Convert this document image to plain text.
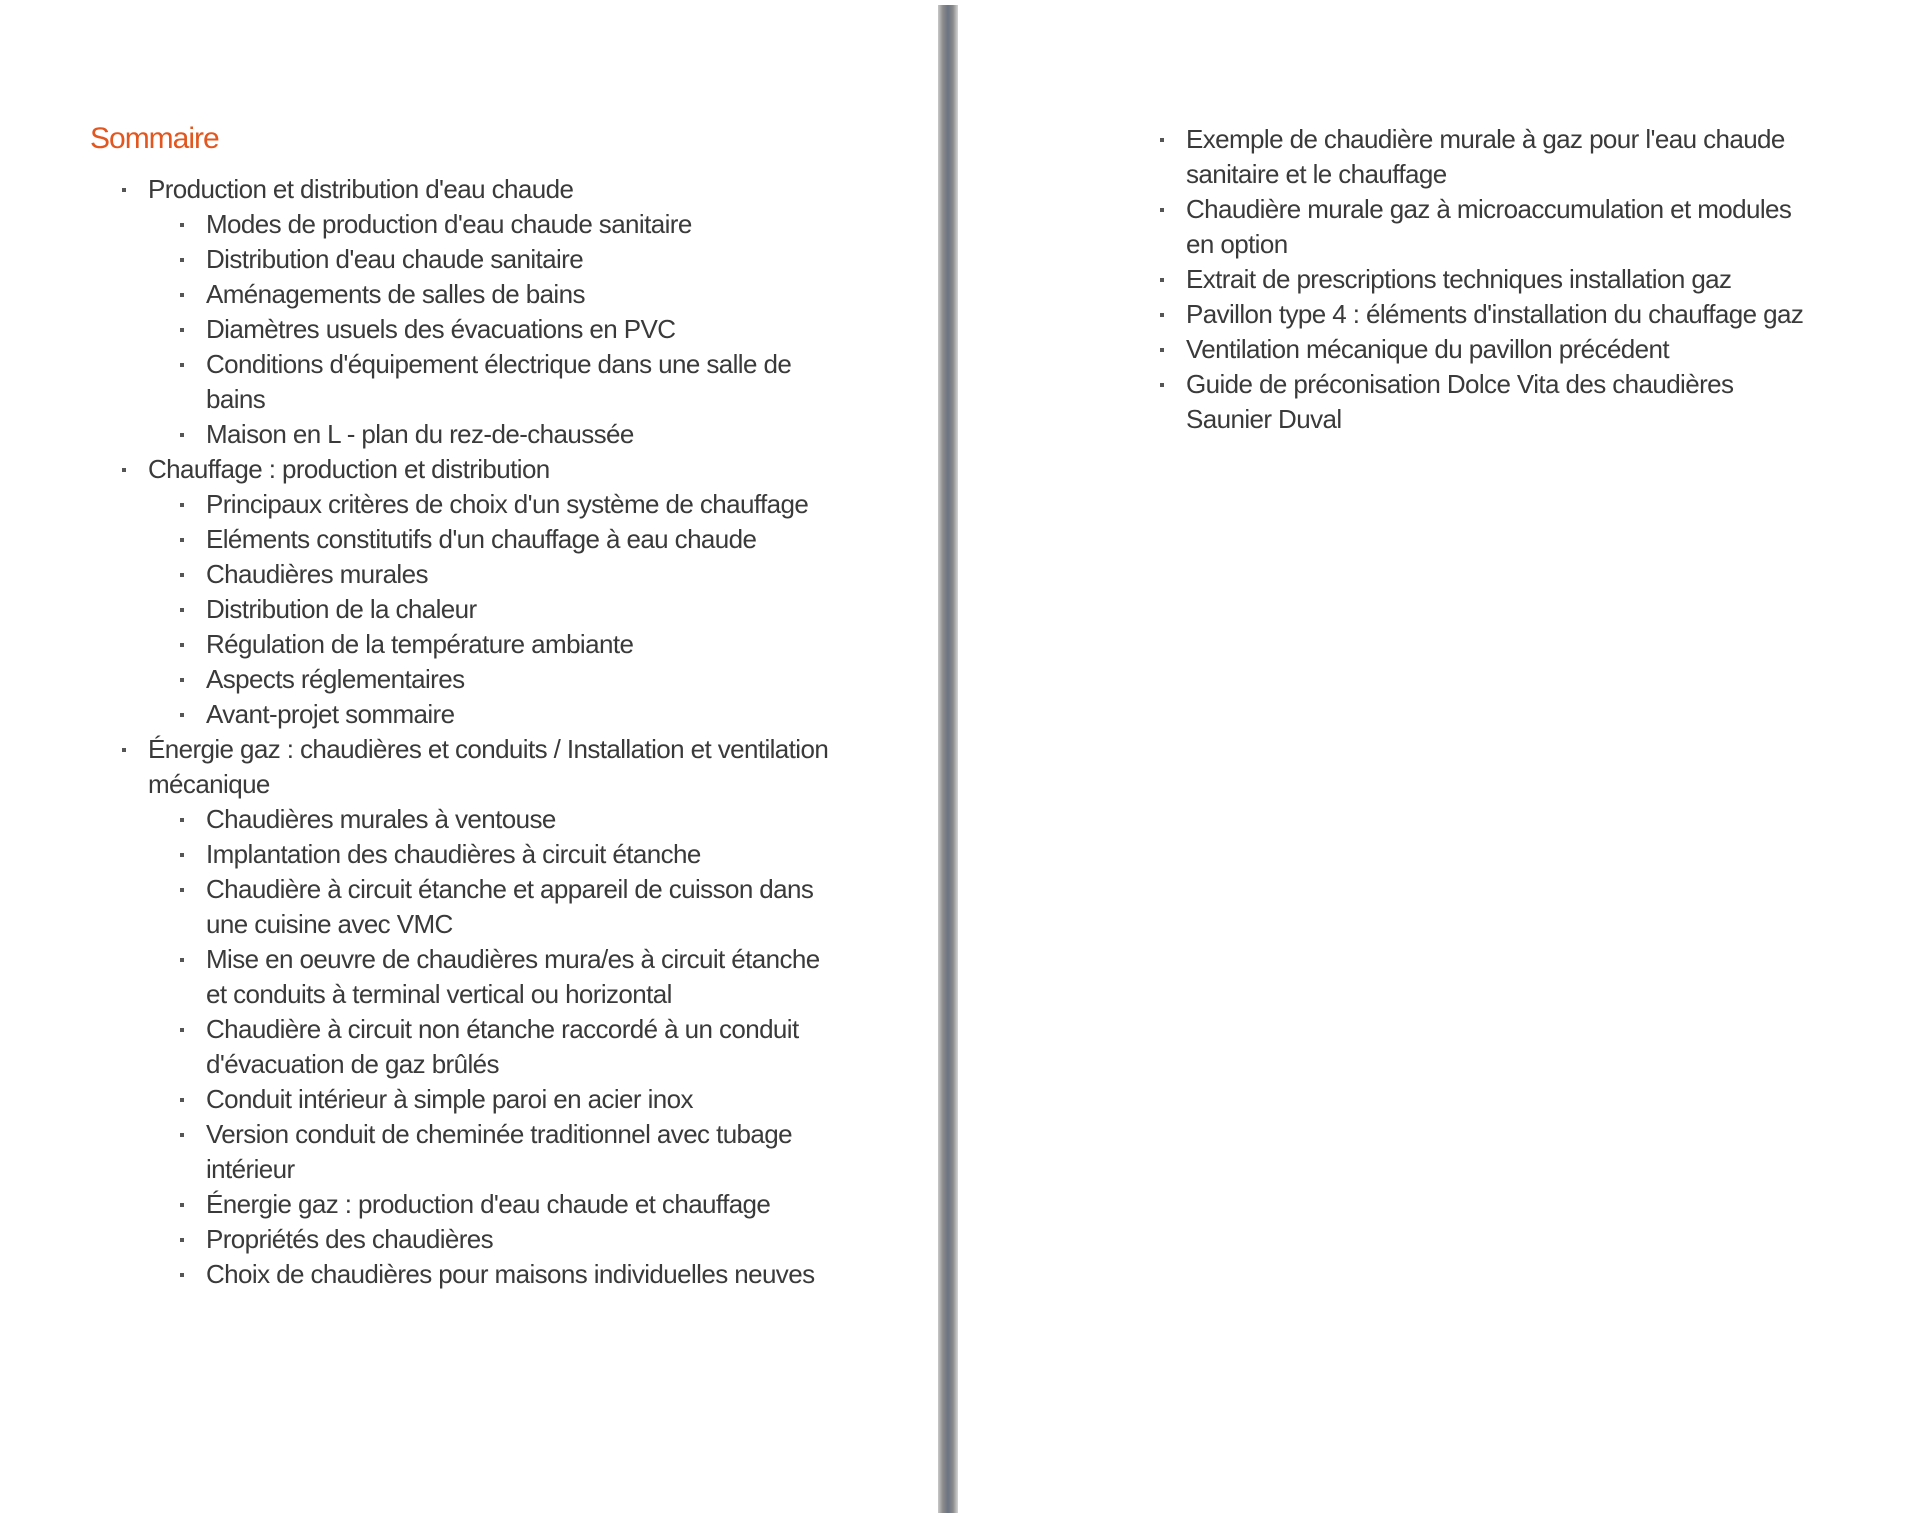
Sommaire
Production et distribution d'eau chaude
Modes de production d'eau chaude sanitaire
Distribution d'eau chaude sanitaire
Aménagements de salles de bains
Diamètres usuels des évacuations en PVC
Conditions d'équipement électrique dans une salle de bains
Maison en L - plan du rez-de-chaussée
Chauffage : production et distribution
Principaux critères de choix d'un système de chauffage
Eléments constitutifs d'un chauffage à eau chaude
Chaudières murales
Distribution de la chaleur
Régulation de la température ambiante
Aspects réglementaires
Avant-projet sommaire
Énergie gaz : chaudières et conduits / Installation et ventilation mécanique
Chaudières murales à ventouse
Implantation des chaudières à circuit étanche
Chaudière à circuit étanche et appareil de cuisson dans une cuisine avec VMC
Mise en oeuvre de chaudières mura/es à circuit étanche et conduits à terminal vertical ou horizontal
Chaudière à circuit non étanche raccordé à un conduit d'évacuation de gaz brûlés
Conduit intérieur à simple paroi en acier inox
Version conduit de cheminée traditionnel avec tubage intérieur
Énergie gaz : production d'eau chaude et chauffage
Propriétés des chaudières
Choix de chaudières pour maisons individuelles neuves
Exemple de chaudière murale à gaz pour l'eau chaude sanitaire et le chauffage
Chaudière murale gaz à microaccumulation et modules en option
Extrait de prescriptions techniques installation gaz
Pavillon type 4 : éléments d'installation du chauffage gaz
Ventilation mécanique du pavillon précédent
Guide de préconisation Dolce Vita des chaudières Saunier Duval
